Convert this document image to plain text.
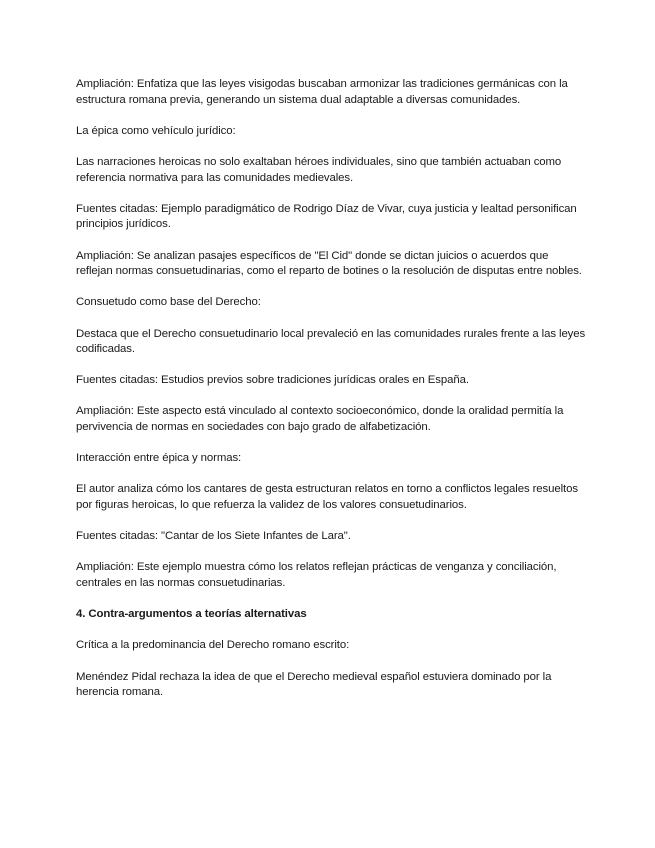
Ampliación: Enfatiza que las leyes visigodas buscaban armonizar las tradiciones germánicas con la estructura romana previa, generando un sistema dual adaptable a diversas comunidades.

La épica como vehículo jurídico:

Las narraciones heroicas no solo exaltaban héroes individuales, sino que también actuaban como referencia normativa para las comunidades medievales.

Fuentes citadas: Ejemplo paradigmático de Rodrigo Díaz de Vivar, cuya justicia y lealtad personifican principios jurídicos.

Ampliación: Se analizan pasajes específicos de "El Cid" donde se dictan juicios o acuerdos que reflejan normas consuetudinarias, como el reparto de botines o la resolución de disputas entre nobles.

Consuetudo como base del Derecho:

Destaca que el Derecho consuetudinario local prevaleció en las comunidades rurales frente a las leyes codificadas.

Fuentes citadas: Estudios previos sobre tradiciones jurídicas orales en España.

Ampliación: Este aspecto está vinculado al contexto socioeconómico, donde la oralidad permitía la pervivencia de normas en sociedades con bajo grado de alfabetización.

Interacción entre épica y normas:

El autor analiza cómo los cantares de gesta estructuran relatos en torno a conflictos legales resueltos por figuras heroicas, lo que refuerza la validez de los valores consuetudinarios.

Fuentes citadas: "Cantar de los Siete Infantes de Lara".

Ampliación: Este ejemplo muestra cómo los relatos reflejan prácticas de venganza y conciliación, centrales en las normas consuetudinarias.

4. Contra-argumentos a teorías alternativas

Crítica a la predominancia del Derecho romano escrito:

Menéndez Pidal rechaza la idea de que el Derecho medieval español estuviera dominado por la herencia romana.
